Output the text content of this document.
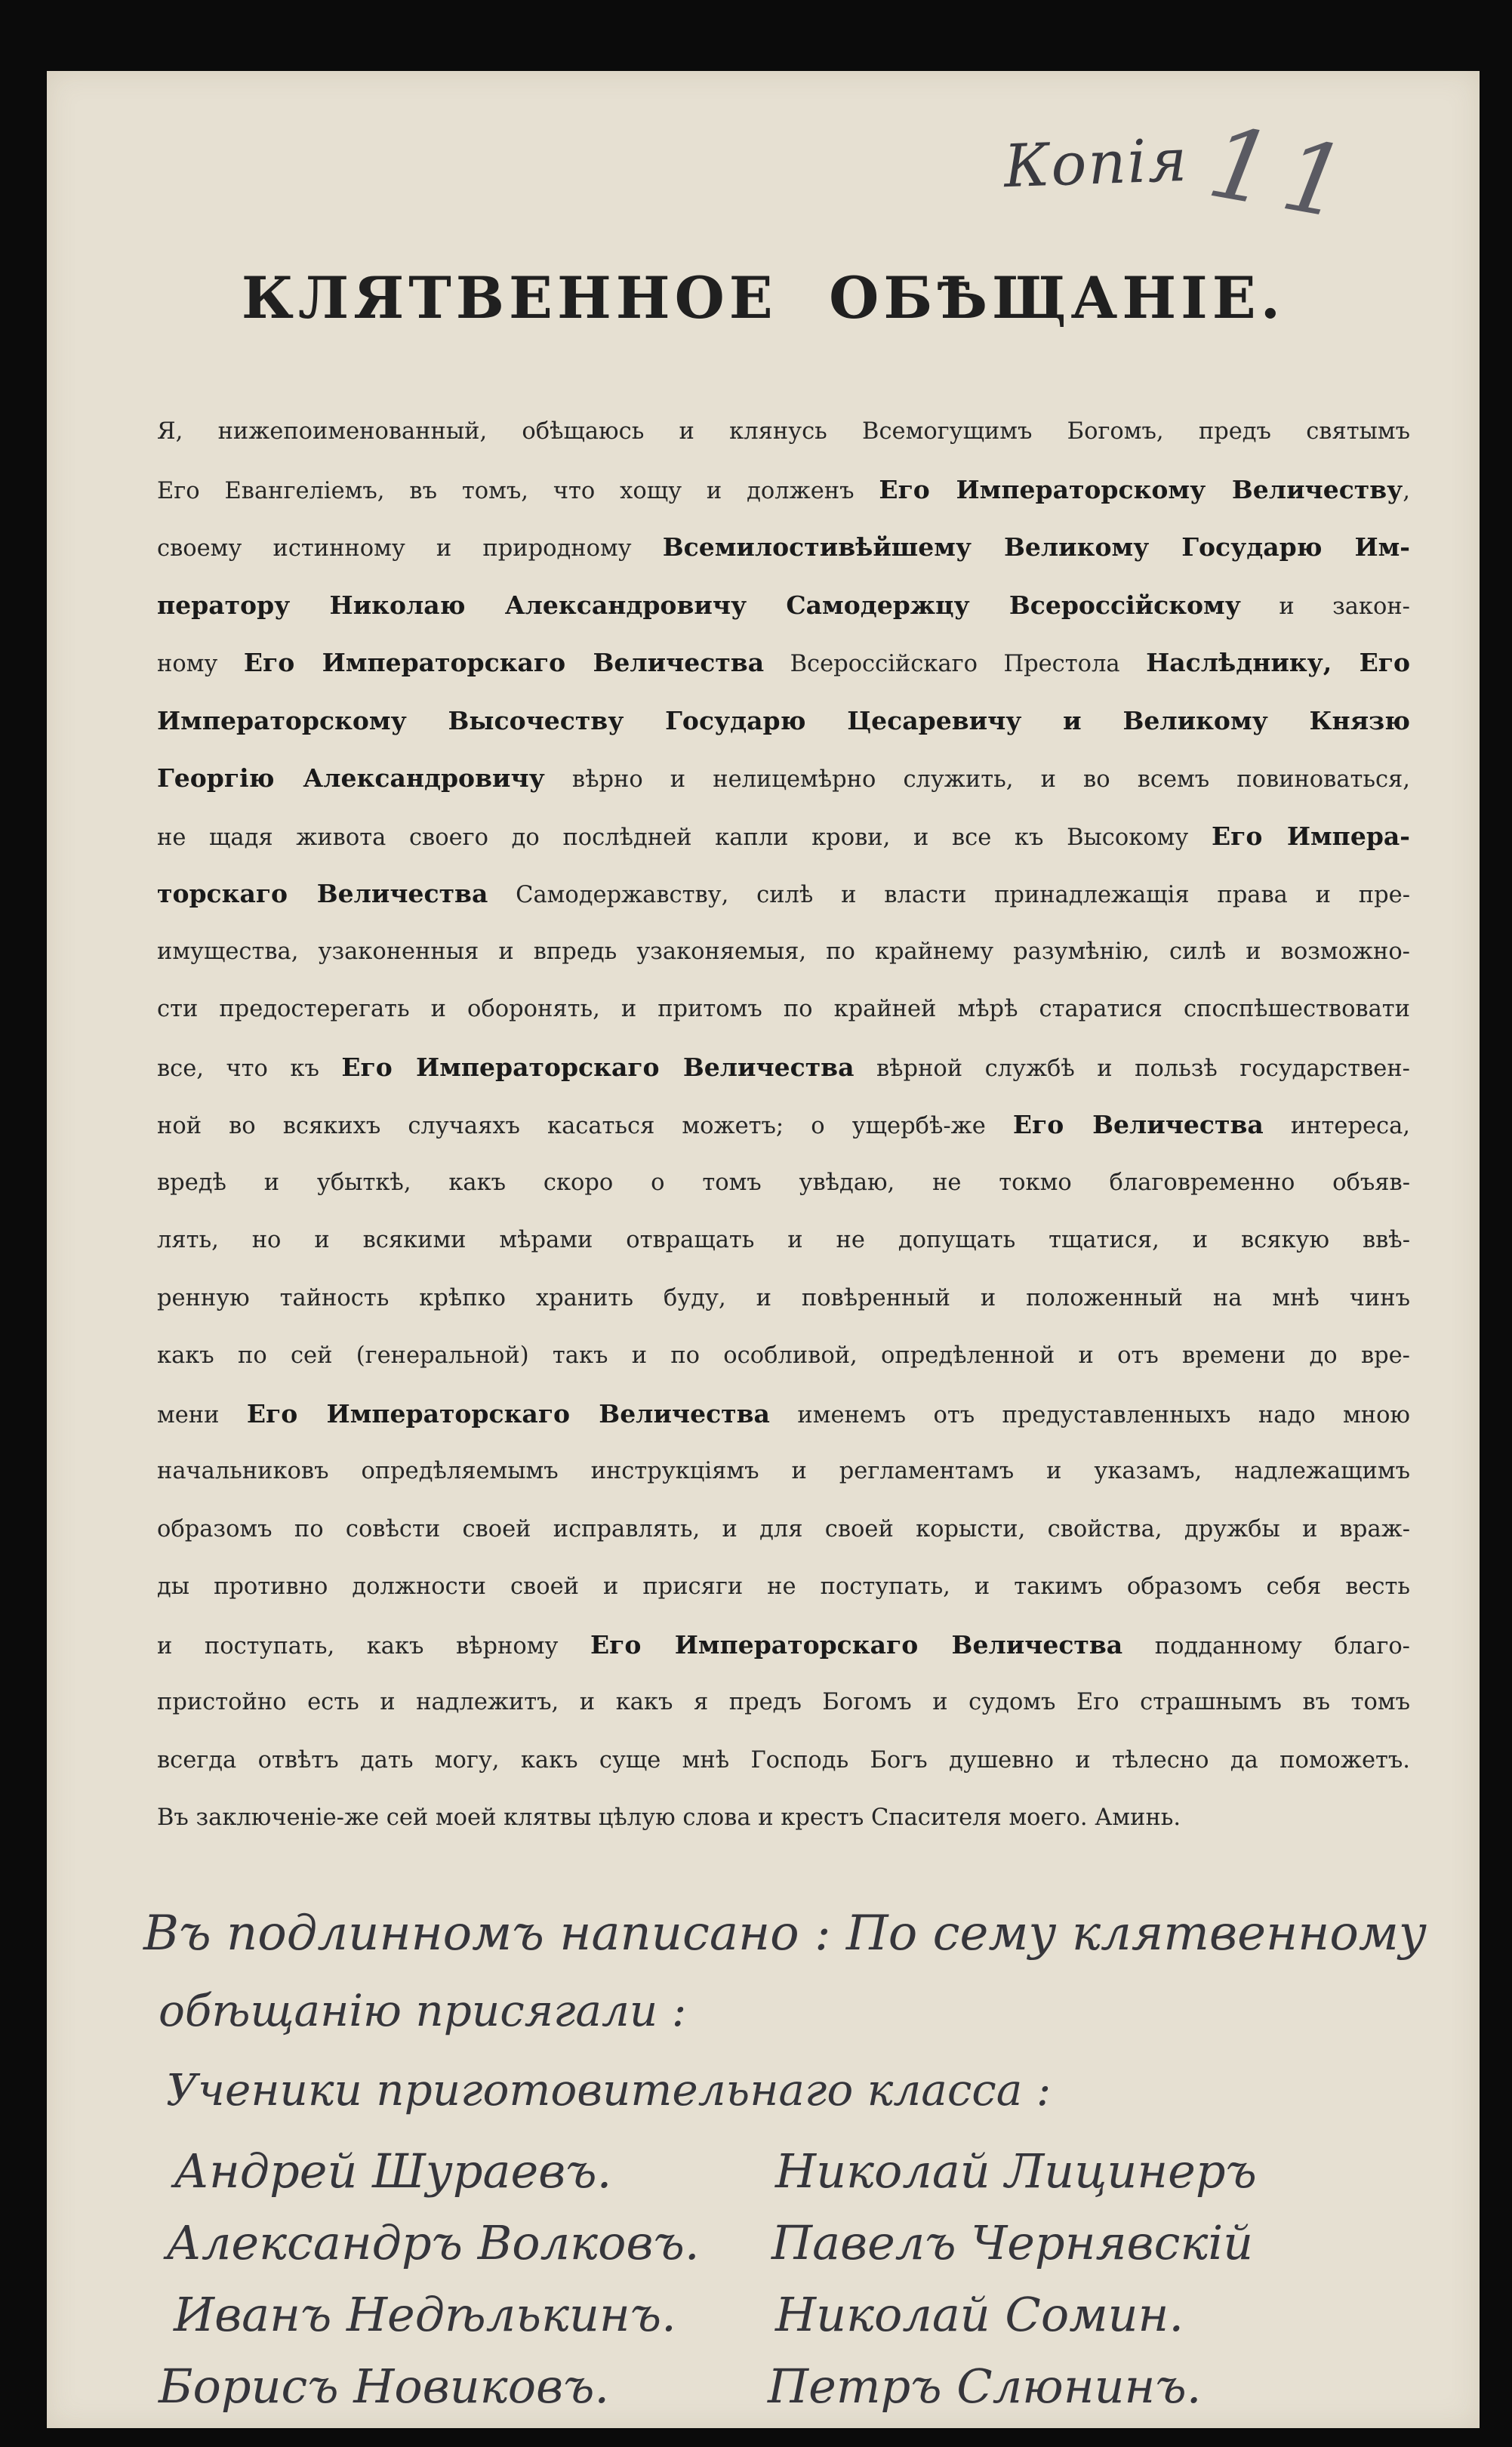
Копія 11
КЛЯТВЕННОЕ ОБѢЩАНІЕ.
Я, нижепоименованный, обѣщаюсь и клянусь Всемогущимъ Богомъ, предъ святымъ
Его Евангеліемъ, въ томъ, что хощу и долженъ Его Императорскому Величеству,
своему истинному и природному Всемилостивѣйшему Великому Государю Им-
ператору Николаю Александровичу Самодержцу Всероссійскому и закон-
ному Его Императорскаго Величества Всероссійскаго Престола Наслѣднику, Его
Императорскому Высочеству Государю Цесаревичу и Великому Князю
Георгію Александровичу вѣрно и нелицемѣрно служить, и во всемъ повиноваться,
не щадя живота своего до послѣдней капли крови, и все къ Высокому Его Импера-
торскаго Величества Самодержавству, силѣ и власти принадлежащія права и пре-
имущества, узаконенныя и впредь узаконяемыя, по крайнему разумѣнію, силѣ и возможно-
сти предостерегать и оборонять, и притомъ по крайней мѣрѣ старатися споспѣшествовати
все, что къ Его Императорскаго Величества вѣрной службѣ и пользѣ государствен-
ной во всякихъ случаяхъ касаться можетъ; о ущербѣ-же Его Величества интереса,
вредѣ и убыткѣ, какъ скоро о томъ увѣдаю, не токмо благовременно объяв-
лять, но и всякими мѣрами отвращать и не допущать тщатися, и всякую ввѣ-
ренную тайность крѣпко хранить буду, и повѣренный и положенный на мнѣ чинъ
какъ по сей (генеральной) такъ и по особливой, опредѣленной и отъ времени до вре-
мени Его Императорскаго Величества именемъ отъ предуставленныхъ надо мною
начальниковъ опредѣляемымъ инструкціямъ и регламентамъ и указамъ, надлежащимъ
образомъ по совѣсти своей исправлять, и для своей корысти, свойства, дружбы и враж-
ды противно должности своей и присяги не поступать, и такимъ образомъ себя весть
и поступать, какъ вѣрному Его Императорскаго Величества подданному благо-
пристойно есть и надлежитъ, и какъ я предъ Богомъ и судомъ Его страшнымъ въ томъ
всегда отвѣтъ дать могу, какъ суще мнѣ Господь Богъ душевно и тѣлесно да поможетъ.
Въ заключеніе-же сей моей клятвы цѣлую слова и крестъ Спасителя моего. Аминь.
Въ подлинномъ написано : По сему клятвенному
обѣщанію присягали :
Ученики приготовительнаго класса :
Андрей Шураевъ.
Александръ Волковъ.
Иванъ Недѣлькинъ.
Борисъ Новиковъ.
Николай Лицинеръ
Павелъ Чернявскій
Николай Сомин.
Петръ Слюнинъ.
